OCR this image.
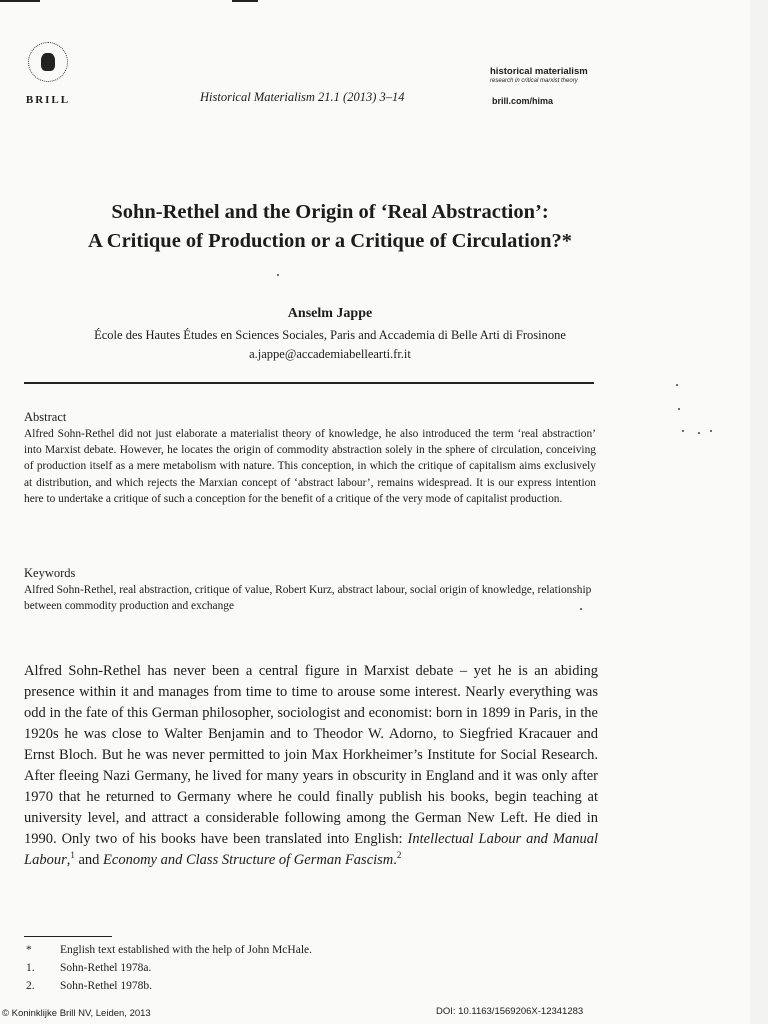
BRILL	Historical Materialism 21.1 (2013) 3–14
historical materialism
research in critical marxist theory
brill.com/hima
Sohn-Rethel and the Origin of ‘Real Abstraction’:
A Critique of Production or a Critique of Circulation?*
Anselm Jappe
École des Hautes Études en Sciences Sociales, Paris and Accademia di Belle Arti di Frosinone
a.jappe@accademiabellearti.fr.it
Abstract
Alfred Sohn-Rethel did not just elaborate a materialist theory of knowledge, he also introduced the term ‘real abstraction’ into Marxist debate. However, he locates the origin of commodity abstraction solely in the sphere of circulation, conceiving of production itself as a mere metabolism with nature. This conception, in which the critique of capitalism aims exclusively at distribution, and which rejects the Marxian concept of ‘abstract labour’, remains widespread. It is our express intention here to undertake a critique of such a conception for the benefit of a critique of the very mode of capitalist production.
Keywords
Alfred Sohn-Rethel, real abstraction, critique of value, Robert Kurz, abstract labour, social origin of knowledge, relationship between commodity production and exchange
Alfred Sohn-Rethel has never been a central figure in Marxist debate – yet he is an abiding presence within it and manages from time to time to arouse some interest. Nearly everything was odd in the fate of this German philosopher, sociologist and economist: born in 1899 in Paris, in the 1920s he was close to Walter Benjamin and to Theodor W. Adorno, to Siegfried Kracauer and Ernst Bloch. But he was never permitted to join Max Horkheimer’s Institute for Social Research. After fleeing Nazi Germany, he lived for many years in obscurity in England and it was only after 1970 that he returned to Germany where he could finally publish his books, begin teaching at university level, and attract a considerable following among the German New Left. He died in 1990. Only two of his books have been translated into English: Intellectual Labour and Manual Labour,$^1$ and Economy and Class Structure of German Fascism.$^2$
* English text established with the help of John McHale.
1. Sohn-Rethel 1978a.
2. Sohn-Rethel 1978b.
© Koninklijke Brill NV, Leiden, 2013	DOI: 10.1163/1569206X-12341283
